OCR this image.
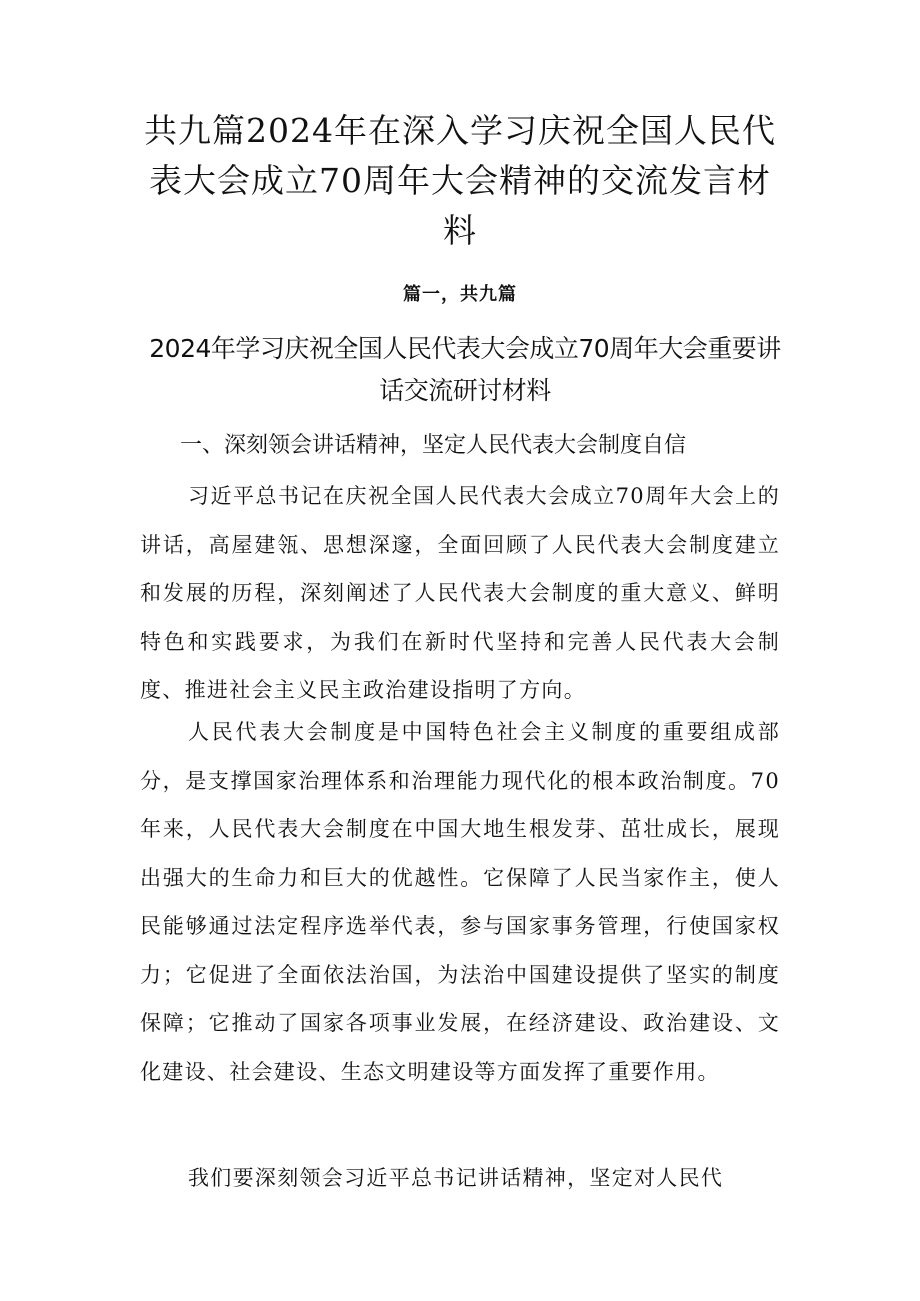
共九篇2024年在深入学习庆祝全国人民代表大会成立70周年大会精神的交流发言材料
篇一，共九篇
2024年学习庆祝全国人民代表大会成立70周年大会重要讲话交流研讨材料
一、深刻领会讲话精神，坚定人民代表大会制度自信

习近平总书记在庆祝全国人民代表大会成立70周年大会上的讲话，高屋建瓴、思想深邃，全面回顾了人民代表大会制度建立和发展的历程，深刻阐述了人民代表大会制度的重大意义、鲜明特色和实践要求，为我们在新时代坚持和完善人民代表大会制度、推进社会主义民主政治建设指明了方向。

人民代表大会制度是中国特色社会主义制度的重要组成部分，是支撑国家治理体系和治理能力现代化的根本政治制度。70年来，人民代表大会制度在中国大地生根发芽、茁壮成长，展现出强大的生命力和巨大的优越性。它保障了人民当家作主，使人民能够通过法定程序选举代表，参与国家事务管理，行使国家权力；它促进了全面依法治国，为法治中国建设提供了坚实的制度保障；它推动了国家各项事业发展，在经济建设、政治建设、文化建设、社会建设、生态文明建设等方面发挥了重要作用。

我们要深刻领会习近平总书记讲话精神，坚定对人民代
